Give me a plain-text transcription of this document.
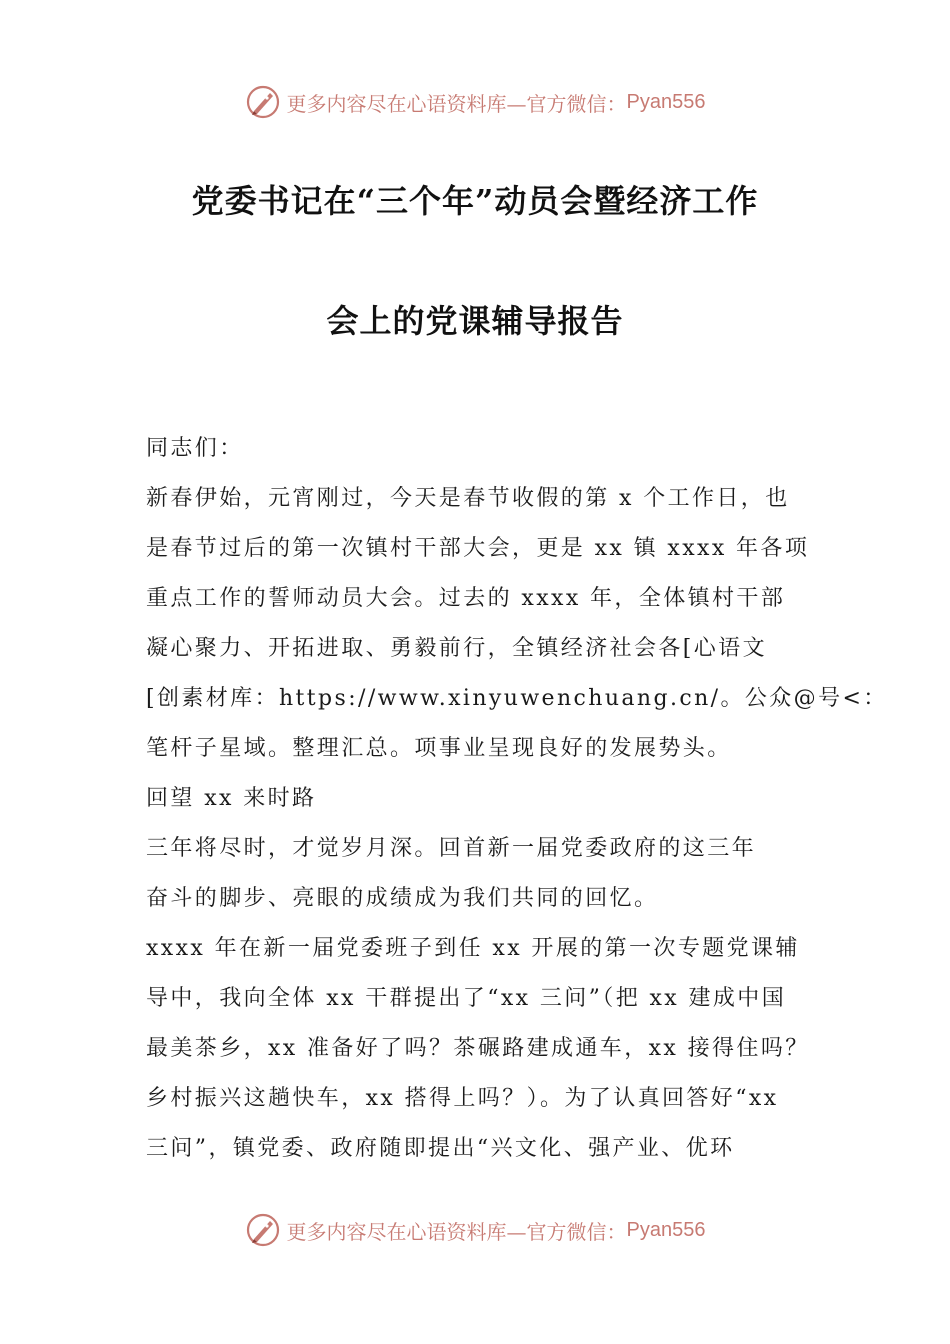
更多内容尽在心语资料库—官方微信： Pyan556
党委书记在“三个年”动员会暨经济工作
会上的党课辅导报告
同志们：
新春伊始，元宵刚过，今天是春节收假的第 x 个工作日，也
是春节过后的第一次镇村干部大会，更是 xx 镇 xxxx 年各项
重点工作的誓师动员大会。过去的 xxxx 年，全体镇村干部
凝心聚力、开拓进取、勇毅前行，全镇经济社会各[心语文
[创素材库：https://www.xinyuwenchuang.cn/。公众@号<：
笔杆子星域。整理汇总。项事业呈现良好的发展势头。
回望 xx 来时路
三年将尽时，才觉岁月深。回首新一届党委政府的这三年
奋斗的脚步、亮眼的成绩成为我们共同的回忆。
xxxx 年在新一届党委班子到任 xx 开展的第一次专题党课辅
导中，我向全体 xx 干群提出了“xx 三问”（把 xx 建成中国
最美茶乡，xx 准备好了吗？茶碾路建成通车，xx 接得住吗？
乡村振兴这趟快车，xx 搭得上吗？）。为了认真回答好“xx
三问”，镇党委、政府随即提出“兴文化、强产业、优环
更多内容尽在心语资料库—官方微信： Pyan556
